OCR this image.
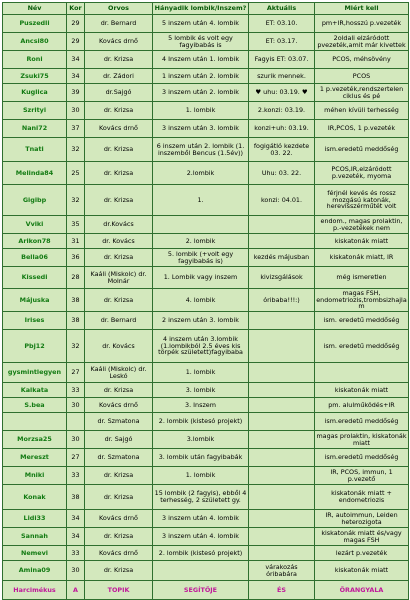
Név	Kor	Orvos	Hányadik lombik/Inszem?	Aktuális	Miért kell
Puszedli	29	dr. Bernard	5 inszem után 4. lombik	ET: 03.10.	pm+IR,hosszú p.vezeték
Ancsi80	29	Kovács drnő	5 lombik és volt egy fagyibabás is	ET: 03.17.	2oldali elzáródott pvezeték,amit már kivettek
Roni	34	dr. Krizsa	4 Inszem után 1. lombik	Fagyis ET: 03.07.	PCOS, méhsövény
Zsuki75	34	dr. Zádori	1 inszem után 2. lombik	szurik mennek.	PCOS
Kuglica	39	dr.Sajgó	3 inszem után 2. lombik	♥ uhu: 03.19. ♥	1 p.vezeték,rendszertelen ciklus és pé
Szrityi	30	dr. Krizsa	1. lombik	2.konzi: 03.19.	méhen kívüli terhesség
Nani72	37	Kovács drnő	3 inszem után 3. lombik	konzi+uh: 03.19.	IR,PCOS, 1 p.vezeték
Tnati	32	dr. Krizsa	6 inszem után 2. lombik (1. inszemből Bencus (1.5év))	fogigátló kezdete 03. 22.	ism.eredetű meddőség
Melinda84	25	dr. Krizsa	2.lombik	Uhu: 03. 22.	PCOS,IR,elzáródott p.vezeték, myoma
Gigibp	32	dr. Krizsa	1.	konzi: 04.01.	férjnél kevés és rossz mozgású katonák, herevisszérműtét volt
Vviki	35	dr.Kovács			endom., magas prolaktin, p.-vezetékek nem
Arikon78	31	dr. Kovács	2. lombik		kiskatonák miatt
Bella06	36	dr. Krizsa	5. lombik (+volt egy fagyibabás is)	kezdés májusban	kiskatonák miatt, IR
Kissedi	28	Kaáli (Miskolc) dr. Molnár	1. Lombik vagy inszem	kivizsgálások	még ismeretlen
Májuska	38	dr. Krizsa	4. lombik	óribaba!!!:)	magas FSH, endometriozis,trombsizhajlam
Irises	38	dr. Bernard	2 inszem után 3. lombik		ism. eredetű meddőség
Pbj12	32	dr. Kovács	4 inszem után 3.lombik (1.lombikból 2.5 éves kis törpék született)fagyibaba		ism. eredetű meddőség
gysmintlegyen	27	Kaáli (Miskolc) dr. Leskó	1. lombik		
Kalkata	33	dr. Krizsa	3. lombik		kiskatonák miatt
S.bea	30	Kovács drnő	3. Inszem		pm. alulműködés+IR
		dr. Szmatona	2. lombik (kistesó projekt)		ism.eredetű meddőség
Morzsa25	30	dr. Sajgó	3.lombik		magas prolaktin, kiskatonák miatt
Mereszt	27	dr. Szmatona	3. lombik után fagyibabák		ism.eredetű meddőség
Mniki	33	dr. Krizsa	1. lombik		IR, PCOS, immun, 1 p.vezető
Konak	38	dr. Krizsa	15 lombik (2 fagyis), ebből 4 terhesség, 2 született gy.		kiskatonák miatt + endometriozis
Lidi33	34	Kovács drnő	3 inszem után 4. lombik		IR, autoimmun, Leiden heterozigota
Sannah	34	dr. Krizsa	3 inszem után 4. lombik		kiskatonák miatt és/vagy magas FSH
Nemevi	33	Kovács drnő	2. lombik (kistesó projekt)		lezárt p.vezeték
Amina09	30	dr. Krizsa		várakozás óribabára	kiskatonák miatt
Harcimékus	A	TOPIK	SEGÍTŐJE	ÉS	ŐRANGYALA
